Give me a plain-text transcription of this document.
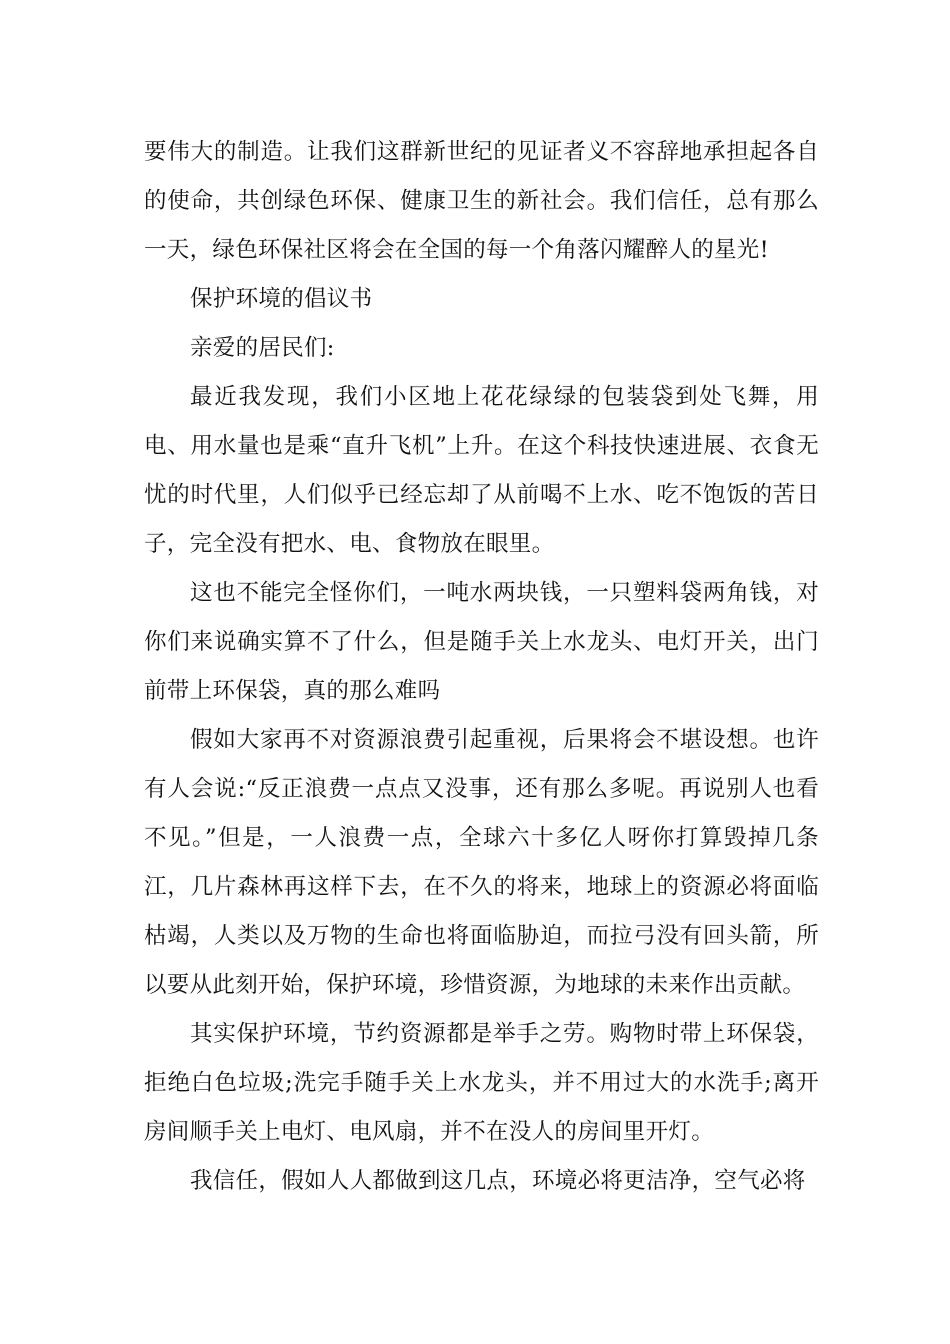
要伟大的制造。让我们这群新世纪的见证者义不容辞地承担起各自的使命，共创绿色环保、健康卫生的新社会。我们信任，总有那么一天，绿色环保社区将会在全国的每一个角落闪耀醉人的星光!

保护环境的倡议书

亲爱的居民们:

最近我发现，我们小区地上花花绿绿的包装袋到处飞舞，用电、用水量也是乘“直升飞机”上升。在这个科技快速进展、衣食无忧的时代里，人们似乎已经忘却了从前喝不上水、吃不饱饭的苦日子，完全没有把水、电、食物放在眼里。

这也不能完全怪你们，一吨水两块钱，一只塑料袋两角钱，对你们来说确实算不了什么，但是随手关上水龙头、电灯开关，出门前带上环保袋，真的那么难吗

假如大家再不对资源浪费引起重视，后果将会不堪设想。也许有人会说:“反正浪费一点点又没事，还有那么多呢。再说别人也看不见。”但是，一人浪费一点，全球六十多亿人呀你打算毁掉几条江，几片森林再这样下去，在不久的将来，地球上的资源必将面临枯竭，人类以及万物的生命也将面临胁迫，而拉弓没有回头箭，所以要从此刻开始，保护环境，珍惜资源，为地球的未来作出贡献。

其实保护环境，节约资源都是举手之劳。购物时带上环保袋，拒绝白色垃圾;洗完手随手关上水龙头，并不用过大的水洗手;离开房间顺手关上电灯、电风扇，并不在没人的房间里开灯。

我信任，假如人人都做到这几点，环境必将更洁净，空气必将
